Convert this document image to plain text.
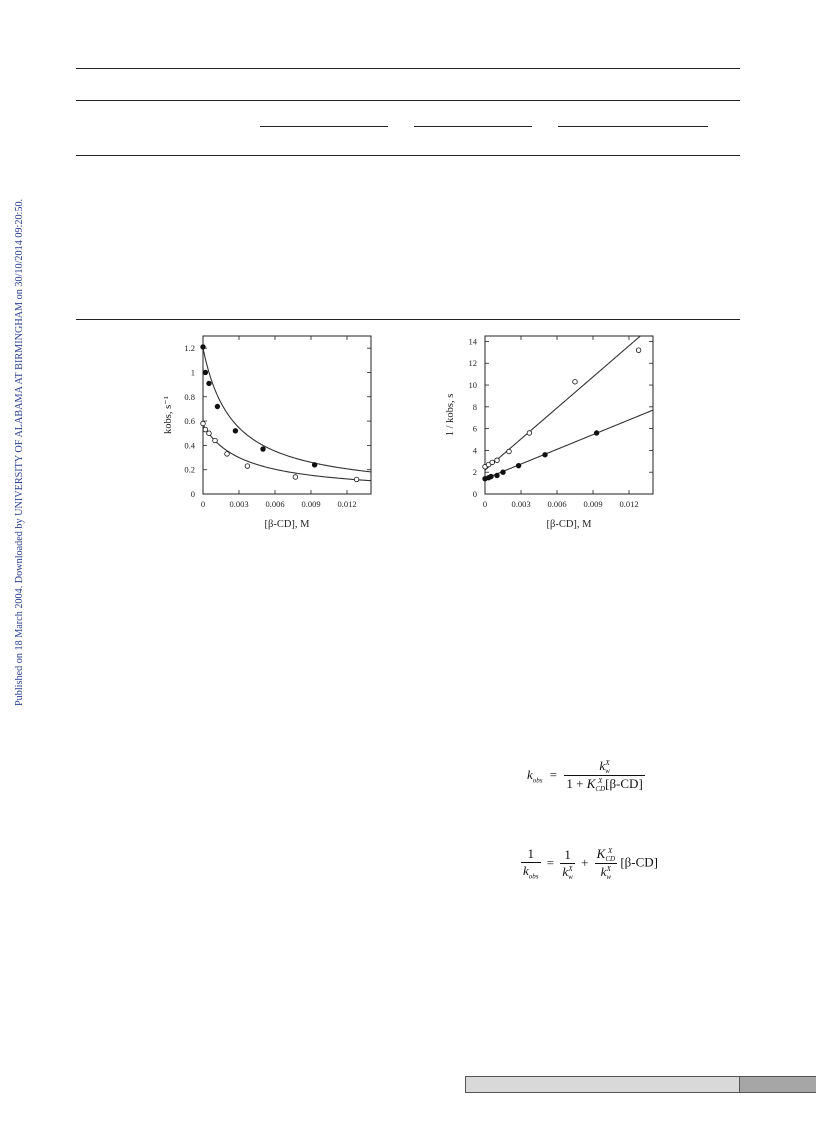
Published on 18 March 2004. Downloaded by UNIVERSITY OF ALABAMA AT BIRMINGHAM on 30/10/2014 09:20:50.	0	0.003 0.006 0.009 0.012
0
0.2
0.4
0.6
0.8
1
1.2
[β-CD], M
kobs, s⁻¹
0	0.003 0.006 0.009 0.012
0
2
4
6
8
10
12
14
[β-CD], M
1 / kobs, s
$k_{obs} = k$ X
w
1 + K X
CD [β-CD]
$\frac{1}{k_{obs}} = 1$
k X
w + K X
CD
k X
w [β-CD]
